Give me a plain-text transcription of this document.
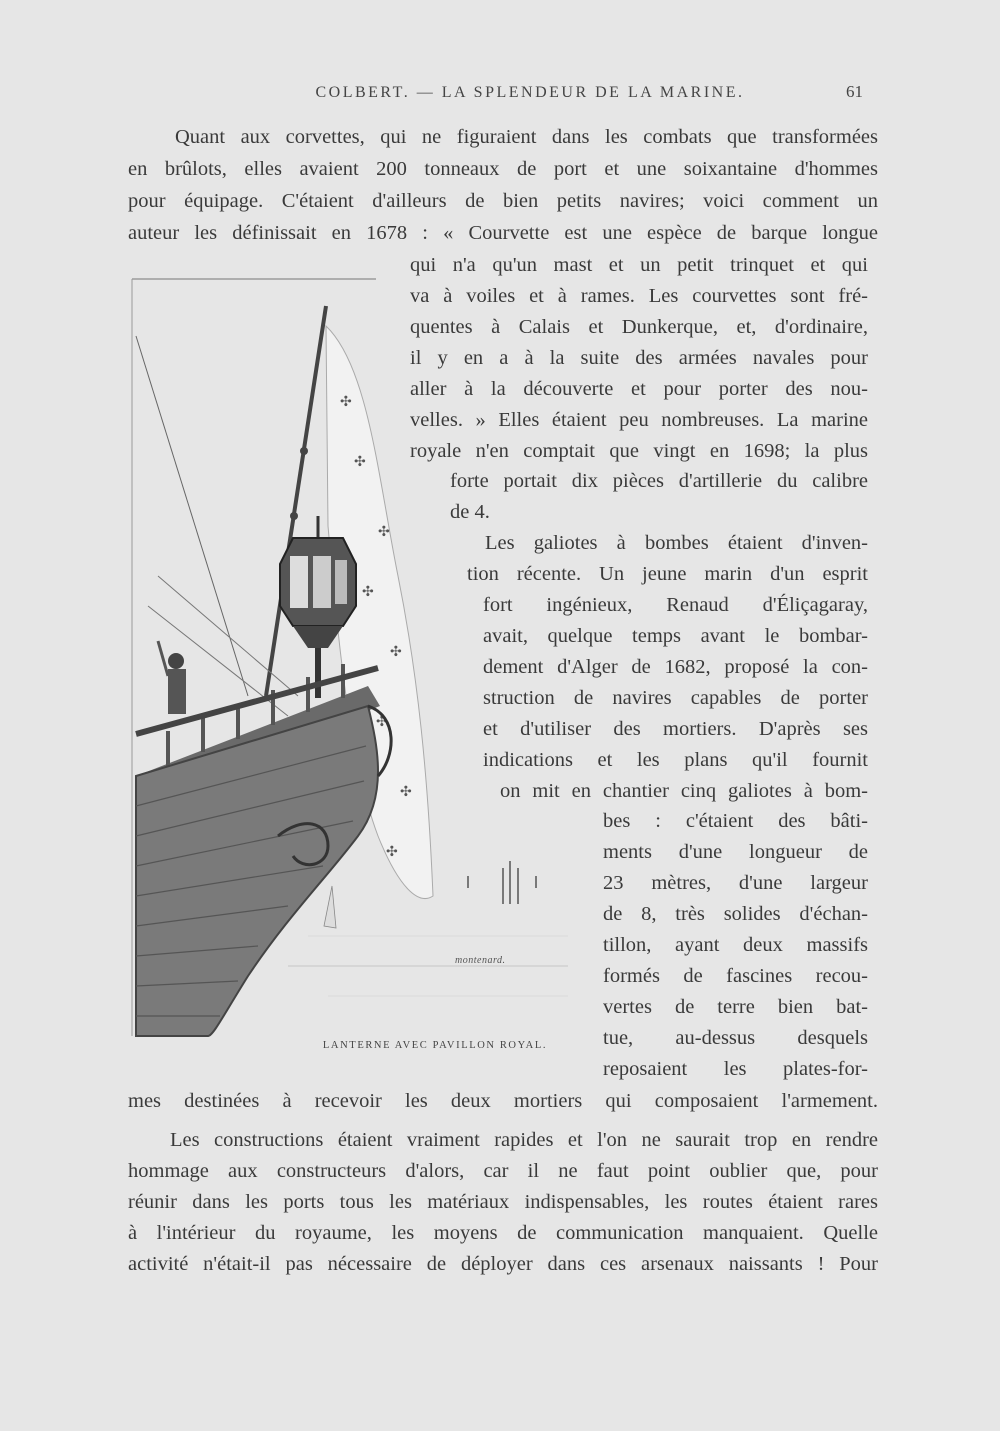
COLBERT. — LA SPLENDEUR DE LA MARINE.	61
✣
✣
✣
✣
✣
✣
✣
✣
montenard.
LANTERNE AVEC PAVILLON ROYAL.
Quant aux corvettes, qui ne figuraient dans les combats que transformées
en brûlots, elles avaient 200 tonneaux de port et une soixantaine d'hommes
pour équipage. C'étaient d'ailleurs de bien petits navires; voici comment un
auteur les définissait en 1678 : « Courvette est une espèce de barque longue
qui n'a qu'un mast et un petit trinquet et qui
va à voiles et à rames. Les courvettes sont fré-
quentes à Calais et Dunkerque, et, d'ordinaire,
il y en a à la suite des armées navales pour
aller à la découverte et pour porter des nou-
velles. » Elles étaient peu nombreuses. La marine
royale n'en comptait que vingt en 1698; la plus
forte portait dix pièces d'artillerie du calibre
de 4.
Les galiotes à bombes étaient d'inven-
tion récente. Un jeune marin d'un esprit
fort ingénieux, Renaud d'Éliçagaray,
avait, quelque temps avant le bombar-
dement d'Alger de 1682, proposé la con-
struction de navires capables de porter
et d'utiliser des mortiers. D'après ses
indications et les plans qu'il fournit
on mit en chantier cinq galiotes à bom-
bes : c'étaient des bâti-
ments d'une longueur de
23 mètres, d'une largeur
de 8, très solides d'échan-
tillon, ayant deux massifs
formés de fascines recou-
vertes de terre bien bat-
tue, au-dessus desquels
reposaient les plates-for-
mes destinées à recevoir les deux mortiers qui composaient l'armement.
Les constructions étaient vraiment rapides et l'on ne saurait trop en rendre
hommage aux constructeurs d'alors, car il ne faut point oublier que, pour
réunir dans les ports tous les matériaux indispensables, les routes étaient rares
à l'intérieur du royaume, les moyens de communication manquaient. Quelle
activité n'était-il pas nécessaire de déployer dans ces arsenaux naissants ! Pour
